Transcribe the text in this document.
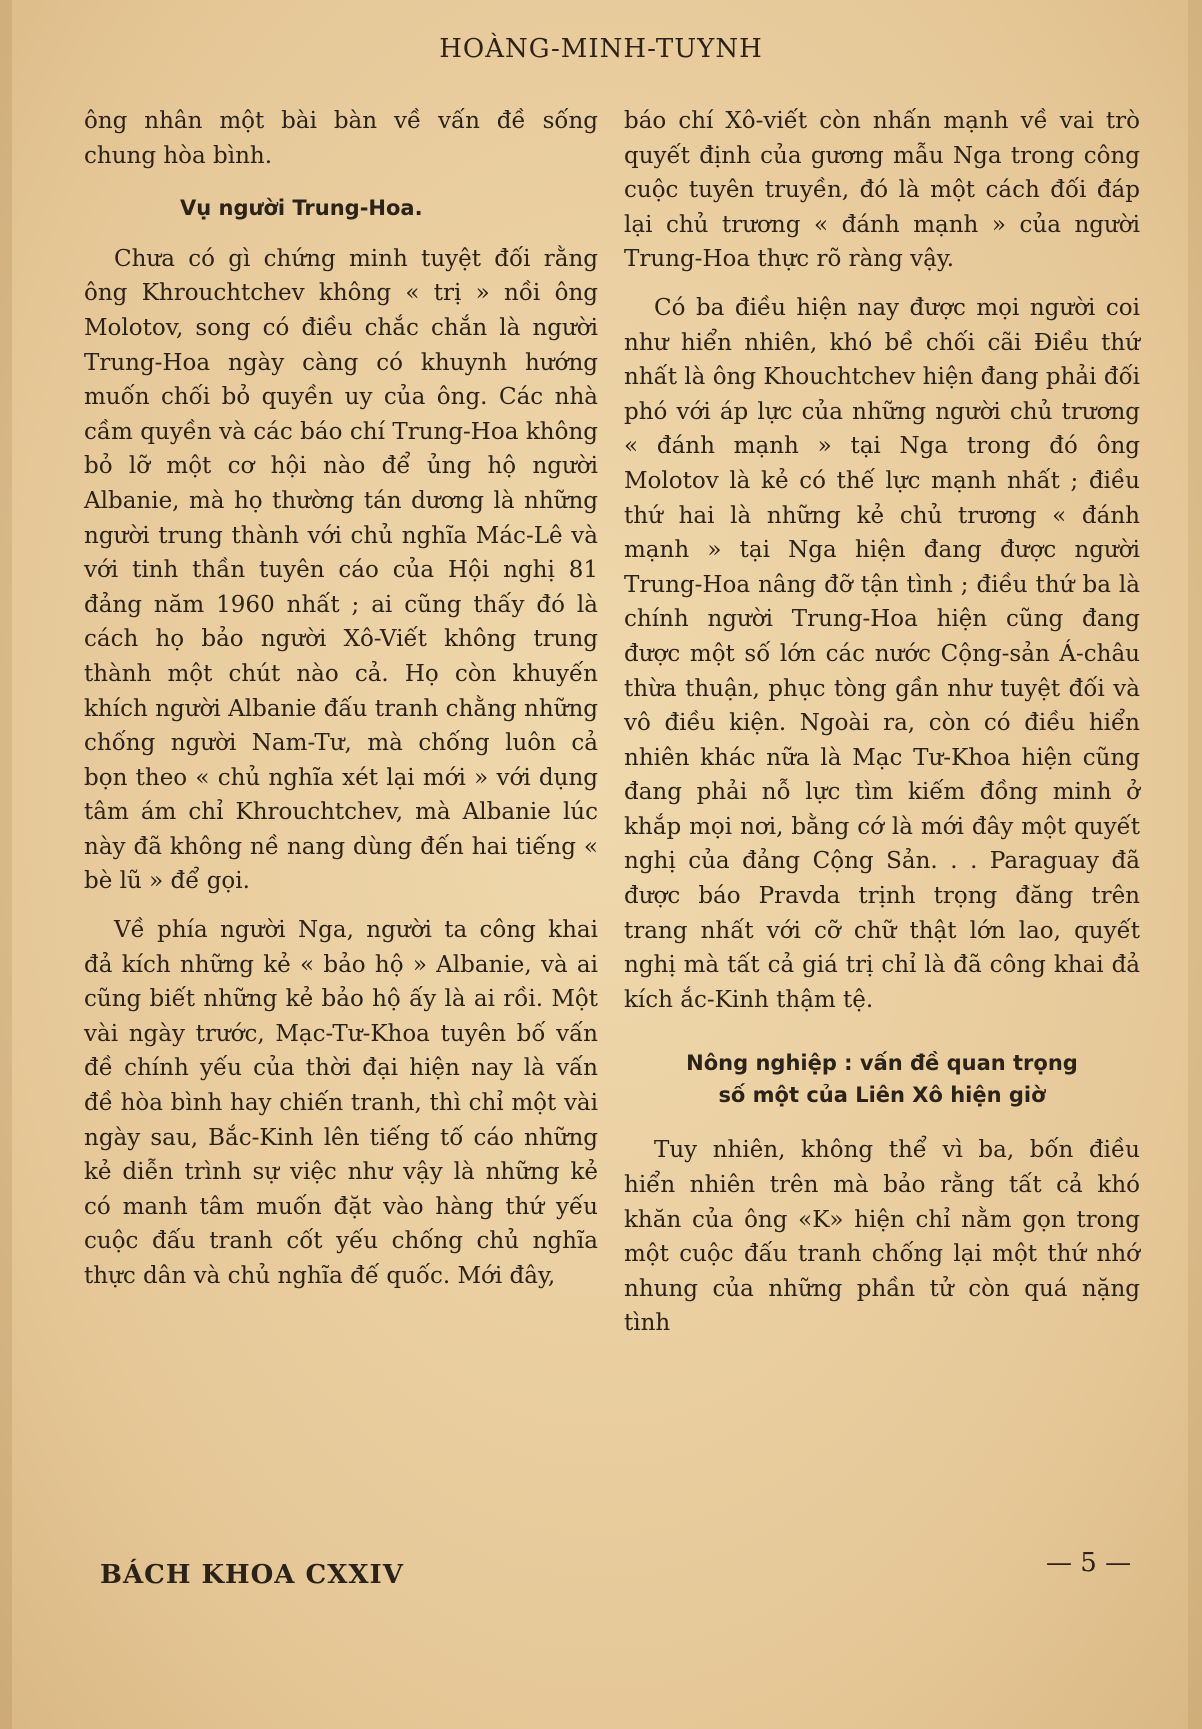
HOÀNG-MINH-TUYNH

ông nhân một bài bàn về vấn đề sống chung hòa bình.

Vụ người Trung-Hoa.

Chưa có gì chứng minh tuyệt đối rằng ông Khrouchtchev không « trị » nồi ông Molotov, song có điều chắc chắn là người Trung-Hoa ngày càng có khuynh hướng muốn chối bỏ quyền uy của ông. Các nhà cầm quyền và các báo chí Trung-Hoa không bỏ lỡ một cơ hội nào để ủng hộ người Albanie, mà họ thường tán dương là những người trung thành với chủ nghĩa Mác-Lê và với tinh thần tuyên cáo của Hội nghị 81 đảng năm 1960 nhất ; ai cũng thấy đó là cách họ bảo người Xô-Viết không trung thành một chút nào cả. Họ còn khuyến khích người Albanie đấu tranh chằng những chống người Nam-Tư, mà chống luôn cả bọn theo « chủ nghĩa xét lại mới » với dụng tâm ám chỉ Khrouchtchev, mà Albanie lúc này đã không nề nang dùng đến hai tiếng « bè lũ » để gọi.

Về phía người Nga, người ta công khai đả kích những kẻ « bảo hộ » Albanie, và ai cũng biết những kẻ bảo hộ ấy là ai rồi. Một vài ngày trước, Mạc-Tư-Khoa tuyên bố vấn đề chính yếu của thời đại hiện nay là vấn đề hòa bình hay chiến tranh, thì chỉ một vài ngày sau, Bắc-Kinh lên tiếng tố cáo những kẻ diễn trình sự việc như vậy là những kẻ có manh tâm muốn đặt vào hàng thứ yếu cuộc đấu tranh cốt yếu chống chủ nghĩa thực dân và chủ nghĩa đế quốc. Mới đây,

báo chí Xô-viết còn nhấn mạnh về vai trò quyết định của gương mẫu Nga trong công cuộc tuyên truyền, đó là một cách đối đáp lại chủ trương « đánh mạnh » của người Trung-Hoa thực rõ ràng vậy.

Có ba điều hiện nay được mọi người coi như hiển nhiên, khó bề chối cãi Điều thứ nhất là ông Khouchtchev hiện đang phải đối phó với áp lực của những người chủ trương « đánh mạnh » tại Nga trong đó ông Molotov là kẻ có thế lực mạnh nhất ; điều thứ hai là những kẻ chủ trương « đánh mạnh » tại Nga hiện đang được người Trung-Hoa nâng đỡ tận tình ; điều thứ ba là chính người Trung-Hoa hiện cũng đang được một số lớn các nước Cộng-sản Á-châu thừa thuận, phục tòng gần như tuyệt đối và vô điều kiện. Ngoài ra, còn có điều hiển nhiên khác nữa là Mạc Tư-Khoa hiện cũng đang phải nỗ lực tìm kiếm đồng minh ở khắp mọi nơi, bằng cớ là mới đây một quyết nghị của đảng Cộng Sản. . . Paraguay đã được báo Pravda trịnh trọng đăng trên trang nhất với cỡ chữ thật lớn lao, quyết nghị mà tất cả giá trị chỉ là đã công khai đả kích ắc-Kinh thậm tệ.

Nông nghiệp : vấn đề quan trọng
số một của Liên Xô hiện giờ

Tuy nhiên, không thể vì ba, bốn điều hiển nhiên trên mà bảo rằng tất cả khó khăn của ông «K» hiện chỉ nằm gọn trong một cuộc đấu tranh chống lại một thứ nhớ nhung của những phần tử còn quá nặng tình

BÁCH KHOA CXXIV	— 5 —
